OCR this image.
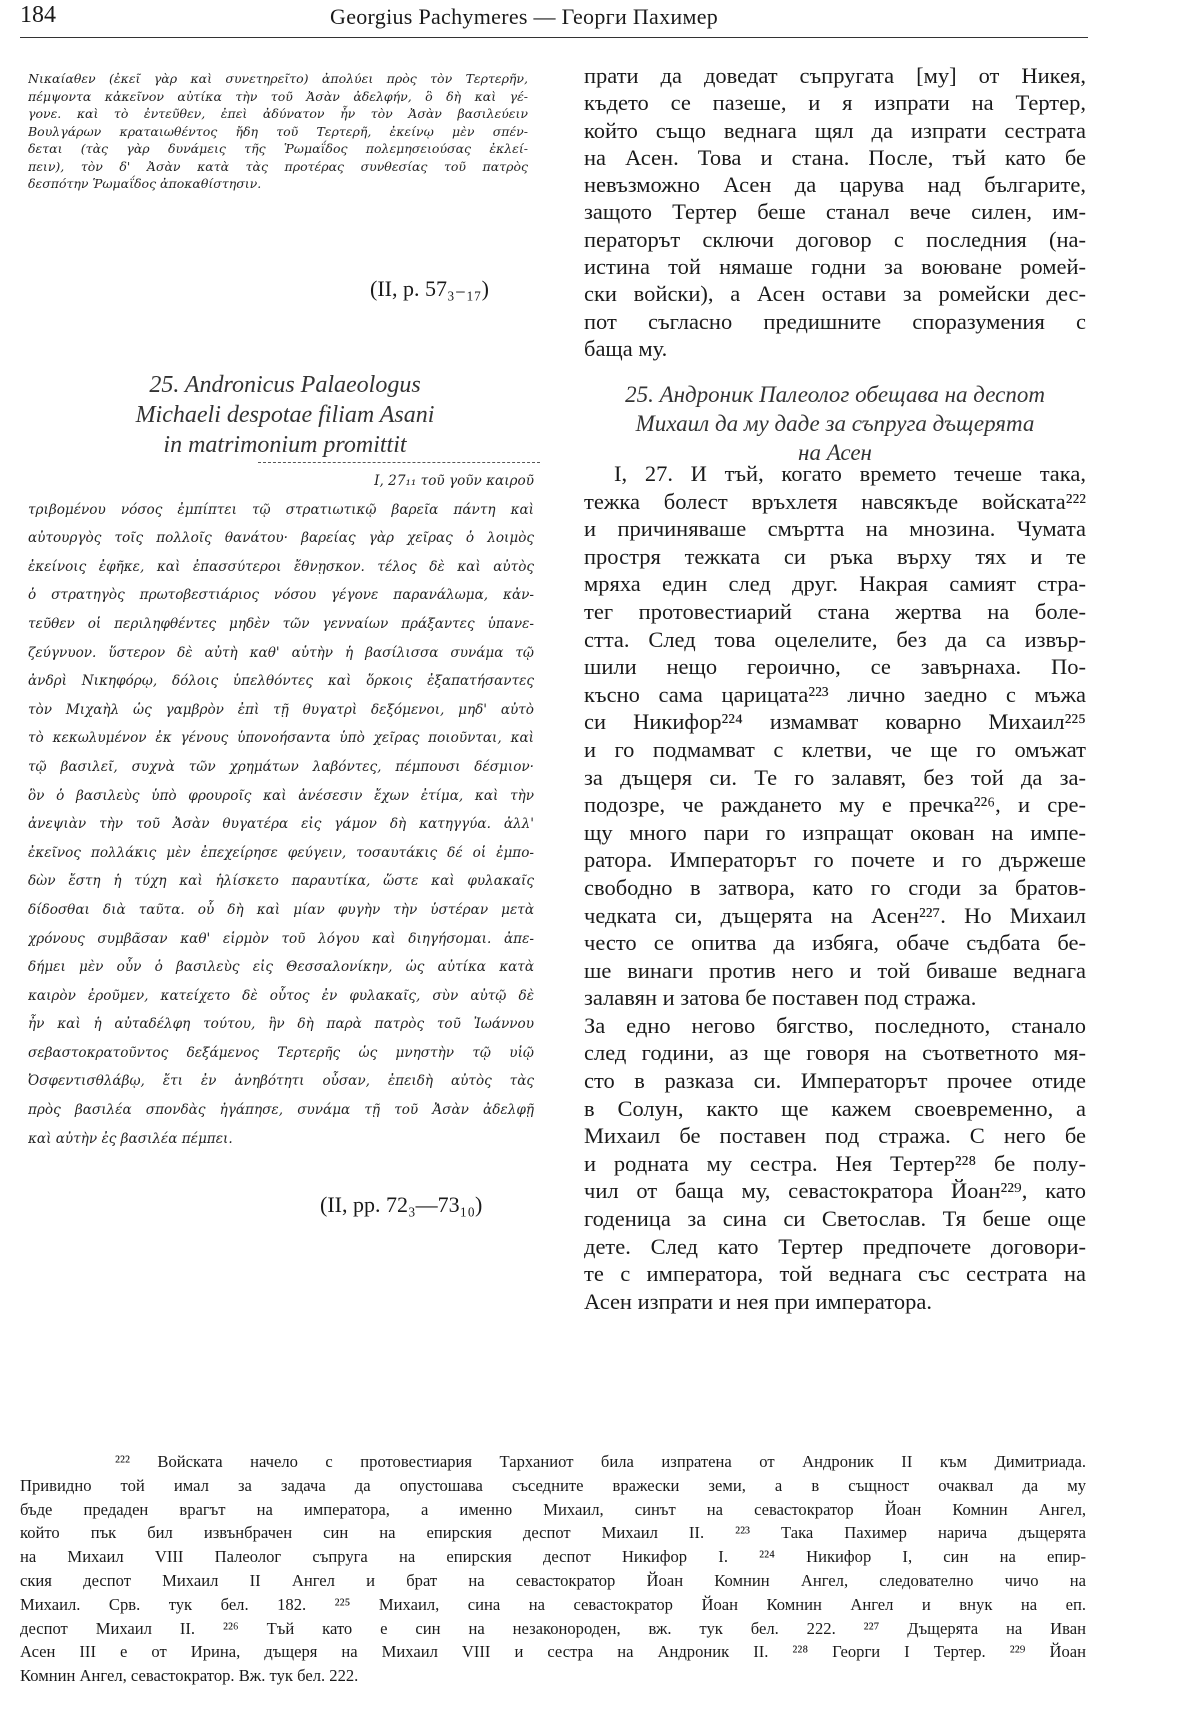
184	Georgius Pachymeres — Георги Пахимер
Νικαίαθεν (ἐκεῖ γὰρ καὶ συνετηρεῖτο) ἀπολύει πρὸς τὸν Τερτερῆν,
πέμψοντα κἀκεῖνον αὐτίκα τὴν τοῦ Ἀσὰν ἀδελφήν, ὃ δὴ καὶ γέ-
γονε. καὶ τὸ ἐντεῦθεν, ἐπεὶ ἀδύνατον ἦν τὸν Ἀσὰν βασιλεύειν
Βουλγάρων κραταιωθέντος ἤδη τοῦ Τερτερῆ, ἐκείνῳ μὲν σπέν-
δεται (τὰς γὰρ δυνάμεις τῆς Ῥωμαΐδος πολεμησειούσας ἐκλεί-
πειν), τὸν δ' Ἀσὰν κατὰ τὰς προτέρας συνθεσίας τοῦ πατρὸς
δεσπότην Ῥωμαΐδος ἀποκαθίστησιν.
(II, p. 57₃₋₁₇)
25. Andronicus Palaeologus
Michaeli despotae filiam Asani
in matrimonium promittit
I, 27₁₁ τοῦ γοῦν καιροῦ
τριβομένου νόσος ἐμπίπτει τῷ στρατιωτικῷ βαρεῖα πάντη καὶ
αὐτουργὸς τοῖς πολλοῖς θανάτου· βαρείας γὰρ χεῖρας ὁ λοιμὸς
ἐκείνοις ἐφῆκε, καὶ ἐπασσύτεροι ἔθνῃσκον. τέλος δὲ καὶ αὐτὸς
ὁ στρατηγὸς πρωτοβεστιάριος νόσου γέγονε παρανάλωμα, κἀν-
τεῦθεν οἱ περιληφθέντες μηδὲν τῶν γενναίων πράξαντες ὑπανε-
ζεύγνυον. ὕστερον δὲ αὐτὴ καθ' αὑτὴν ἡ βασίλισσα συνάμα τῷ
ἀνδρὶ Νικηφόρῳ, δόλοις ὑπελθόντες καὶ ὅρκοις ἐξαπατήσαντες
τὸν Μιχαὴλ ὡς γαμβρὸν ἐπὶ τῇ θυγατρὶ δεξόμενοι, μηδ' αὐτὸ
τὸ κεκωλυμένον ἐκ γένους ὑπονοήσαντα ὑπὸ χεῖρας ποιοῦνται, καὶ
τῷ βασιλεῖ, συχνὰ τῶν χρημάτων λαβόντες, πέμπουσι δέσμιον·
ὃν ὁ βασιλεὺς ὑπὸ φρουροῖς καὶ ἀνέσεσιν ἔχων ἐτίμα, καὶ τὴν
ἀνεψιὰν τὴν τοῦ Ἀσὰν θυγατέρα εἰς γάμον δὴ κατηγγύα. ἀλλ'
ἐκεῖνος πολλάκις μὲν ἐπεχείρησε φεύγειν, τοσαυτάκις δέ οἱ ἐμπο-
δὼν ἔστη ἡ τύχη καὶ ἡλίσκετο παραυτίκα, ὥστε καὶ φυλακαῖς
δίδοσθαι διὰ ταῦτα. οὗ δὴ καὶ μίαν φυγὴν τὴν ὑστέραν μετὰ
χρόνους συμβᾶσαν καθ' εἱρμὸν τοῦ λόγου καὶ διηγήσομαι. ἀπε-
δήμει μὲν οὖν ὁ βασιλεὺς εἰς Θεσσαλονίκην, ὡς αὐτίκα κατὰ
καιρὸν ἐροῦμεν, κατείχετο δὲ οὗτος ἐν φυλακαῖς, σὺν αὐτῷ δὲ
ἦν καὶ ἡ αὐταδέλφη τούτου, ἣν δὴ παρὰ πατρὸς τοῦ Ἰωάννου
σεβαστοκρατοῦντος δεξάμενος Τερτερῆς ὡς μνηστὴν τῷ υἱῷ
Ὀσφεντισθλάβῳ, ἔτι ἐν ἀνηβότητι οὖσαν, ἐπειδὴ αὐτὸς τὰς
πρὸς βασιλέα σπονδὰς ἠγάπησε, συνάμα τῇ τοῦ Ἀσὰν ἀδελφῇ
καὶ αὐτὴν ἐς βασιλέα πέμπει.
(II, pp. 72₃—73₁₀)
прати да доведат съпругата [му] от Никея,
където се пазеше, и я изпрати на Тертер,
който също веднага щял да изпрати сестрата
на Асен. Това и стана. После, тъй като бе
невъзможно Асен да царува над българите,
защото Тертер беше станал вече силен, им-
ператорът сключи договор с последния (на-
истина той нямаше годни за воюване ромей-
ски войски), а Асен остави за ромейски дес-
пот съгласно предишните споразумения с
баща му.
25. Андроник Палеолог обещава на деспот
Михаил да му даде за съпруга дъщерята
на Асен
I, 27. И тъй, когато времето течеше така,
тежка болест връхлетя навсякъде войската²²²
и причиняваше смъртта на мнозина. Чумата
простря тежката си ръка върху тях и те
мряха един след друг. Накрая самият стра-
тег протовестиарий стана жертва на боле-
стта. След това оцелелите, без да са извър-
шили нещо героично, се завърнаха. По-
късно сама царицата²²³ лично заедно с мъжа
си Никифор²²⁴ измамват коварно Михаил²²⁵
и го подмамват с клетви, че ще го омъжат
за дъщеря си. Те го залавят, без той да за-
подозре, че раждането му е пречка²²⁶, и сре-
щу много пари го изпращат окован на импе-
ратора. Императорът го почете и го държеше
свободно в затвора, като го сгоди за братов-
чедката си, дъщерята на Асен²²⁷. Но Михаил
често се опитва да избяга, обаче съдбата бе-
ше винаги против него и той биваше веднага
залавян и затова бе поставен под стража.
За едно негово бягство, последното, станало
след години, аз ще говоря на съответното мя-
сто в разказа си. Императорът прочее отиде
в Солун, както ще кажем своевременно, а
Михаил бе поставен под стража. С него бе
и родната му сестра. Нея Тертер²²⁸ бе полу-
чил от баща му, севастократора Йоан²²⁹, като
годеница за сина си Светослав. Тя беше още
дете. След като Тертер предпочете договори-
те с императора, той веднага със сестрата на
Асен изпрати и нея при императора.
²²² Войската начело с протовестиария Тарханиот била изпратена от Андроник II към Димитриада.
Привидно той имал за задача да опустошава съседните вражески земи, а в същност очаквал да му
бъде предаден врагът на императора, а именно Михаил, синът на севастократор Йоан Комнин Ангел,
който пък бил извънбрачен син на епирския деспот Михаил II. ²²³ Така Пахимер нарича дъщерята
на Михаил VIII Палеолог съпруга на епирския деспот Никифор I. ²²⁴ Никифор I, син на епир-
ския деспот Михаил II Ангел и брат на севастократор Йоан Комнин Ангел, следователно чичо на
Михаил. Срв. тук бел. 182. ²²⁵ Михаил, сина на севастократор Йоан Комнин Ангел и внук на еп.
деспот Михаил II. ²²⁶ Тъй като е син на незаконороден, вж. тук бел. 222. ²²⁷ Дъщерята на Иван
Асен III е от Ирина, дъщеря на Михаил VIII и сестра на Андроник II. ²²⁸ Георги I Тертер. ²²⁹ Йоан
Комнин Ангел, севастократор. Вж. тук бел. 222.
